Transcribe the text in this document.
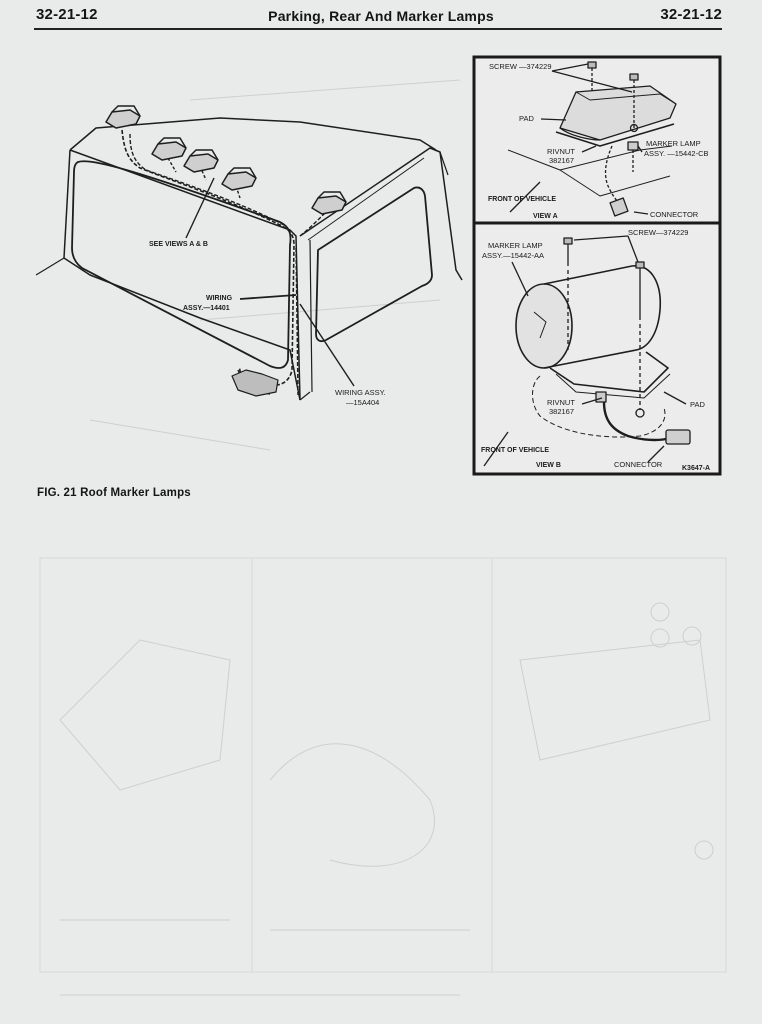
32-21-12	Parking, Rear And Marker Lamps	32-21-12
SEE VIEWS A & B
WIRING
ASSY.—14401
WIRING ASSY.
—15A404
SCREW —374229
PAD
RIVNUT
382167
MARKER LAMP
ASSY. —15442-CB
FRONT OF VEHICLE
VIEW A	CONNECTOR
SCREW—374229
MARKER LAMP
ASSY.—15442-AA
PAD
RIVNUT
382167
FRONT OF VEHICLE
VIEW B	CONNECTOR	K3647-A
FIG. 21 Roof Marker Lamps
